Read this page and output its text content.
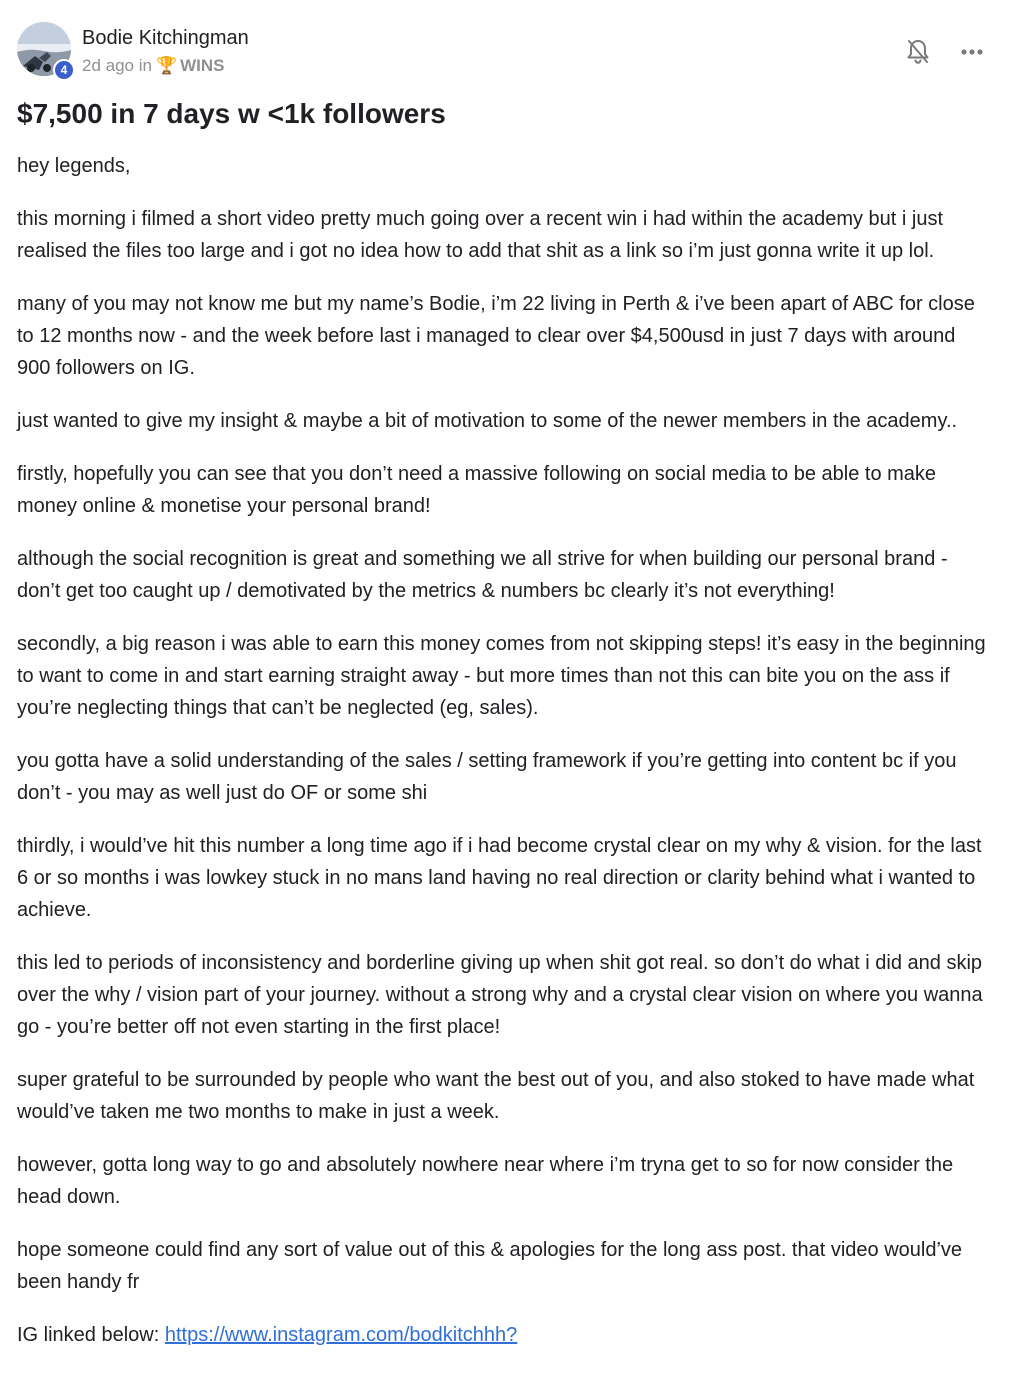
4
Bodie Kitchingman
2d ago
in 🏆 WINS
$7,500 in 7 days w <1k followers

hey legends,

this morning i filmed a short video pretty much going over a recent win i had within the academy but i just realised the files too large and i got no idea how to add that shit as a link so i’m just gonna write it up lol.

many of you may not know me but my name’s Bodie, i’m 22 living in Perth & i’ve been apart of ABC for close to 12 months now - and the week before last i managed to clear over $4,500usd in just 7 days with around 900 followers on IG.

just wanted to give my insight & maybe a bit of motivation to some of the newer members in the academy..

firstly, hopefully you can see that you don’t need a massive following on social media to be able to make money online & monetise your personal brand!

although the social recognition is great and something we all strive for when building our personal brand - don’t get too caught up / demotivated by the metrics & numbers bc clearly it’s not everything!

secondly, a big reason i was able to earn this money comes from not skipping steps! it’s easy in the beginning to want to come in and start earning straight away - but more times than not this can bite you on the ass if you’re neglecting things that can’t be neglected (eg, sales).

you gotta have a solid understanding of the sales / setting framework if you’re getting into content bc if you don’t - you may as well just do OF or some shi

thirdly, i would’ve hit this number a long time ago if i had become crystal clear on my why & vision. for the last 6 or so months i was lowkey stuck in no mans land having no real direction or clarity behind what i wanted to achieve.

this led to periods of inconsistency and borderline giving up when shit got real. so don’t do what i did and skip over the why / vision part of your journey. without a strong why and a crystal clear vision on where you wanna go - you’re better off not even starting in the first place!

super grateful to be surrounded by people who want the best out of you, and also stoked to have made what would’ve taken me two months to make in just a week.

however, gotta long way to go and absolutely nowhere near where i’m tryna get to so for now consider the head down.

hope someone could find any sort of value out of this & apologies for the long ass post. that video would’ve been handy fr

IG linked below: https://www.instagram.com/bodkitchhh?
